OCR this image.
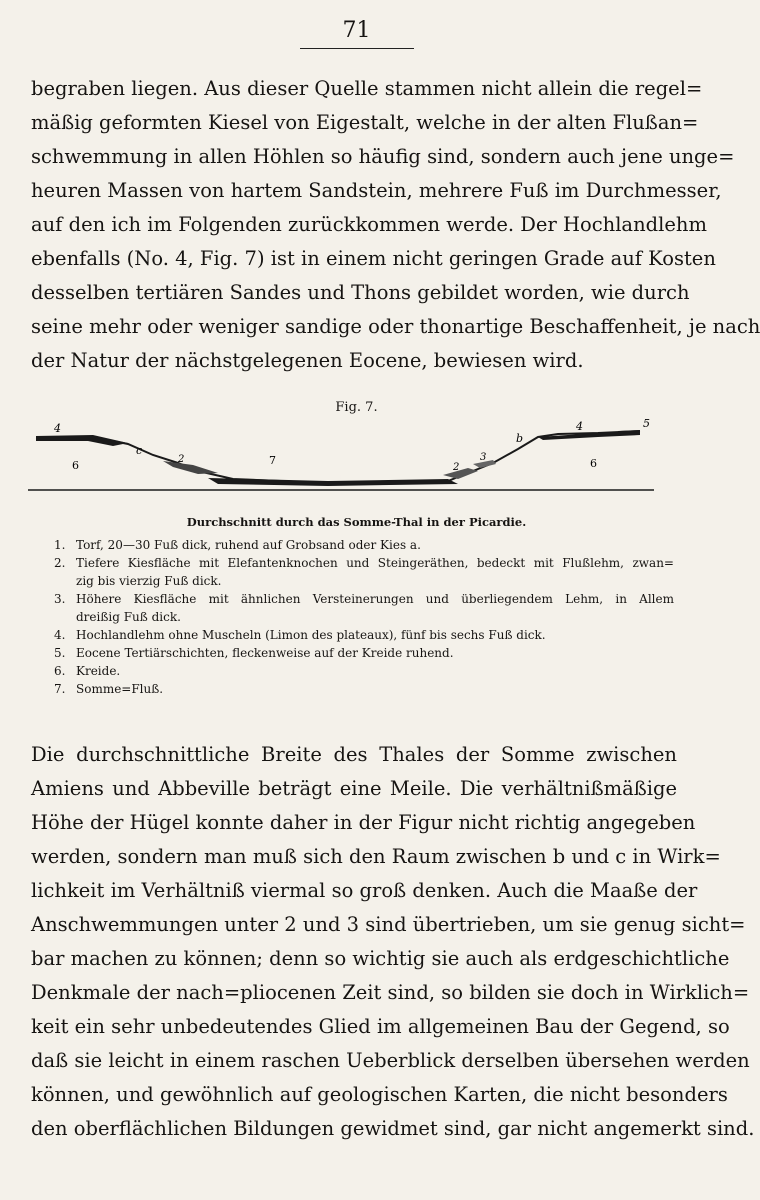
71
begraben liegen. Aus dieser Quelle stammen nicht allein die regel=
mäßig geformten Kiesel von Eigestalt, welche in der alten Flußan=
schwemmung in allen Höhlen so häufig sind, sondern auch jene unge=
heuren Massen von hartem Sandstein, mehrere Fuß im Durchmesser,
auf den ich im Folgenden zurückkommen werde. Der Hochlandlehm
ebenfalls (No. 4, Fig. 7) ist in einem nicht geringen Grade auf Kosten
desselben tertiären Sandes und Thons gebildet worden, wie durch
seine mehr oder weniger sandige oder thonartige Beschaffenheit, je nach
der Natur der nächstgelegenen Eocene, bewiesen wird.
Fig. 7.
4
6
c
2	7
1
2
3
b
4	5
6
Durchschnitt durch das Somme-Thal in der Picardie.
1. Torf, 20—30 Fuß dick, ruhend auf Grobsand oder Kies a.
2. Tiefere Kiesfläche mit Elefantenknochen und Steingeräthen, bedeckt mit Flußlehm, zwan=
zig bis vierzig Fuß dick.
3. Höhere Kiesfläche mit ähnlichen Versteinerungen und überliegendem Lehm, in Allem
dreißig Fuß dick.
4. Hochlandlehm ohne Muscheln (Limon des plateaux), fünf bis sechs Fuß dick.
5. Eocene Tertiärschichten, fleckenweise auf der Kreide ruhend.
6. Kreide.
7. Somme=Fluß.
Die durchschnittliche Breite des Thales der Somme zwischen
Amiens und Abbeville beträgt eine Meile. Die verhältnißmäßige
Höhe der Hügel konnte daher in der Figur nicht richtig angegeben
werden, sondern man muß sich den Raum zwischen b und c in Wirk=
lichkeit im Verhältniß viermal so groß denken. Auch die Maaße der
Anschwemmungen unter 2 und 3 sind übertrieben, um sie genug sicht=
bar machen zu können; denn so wichtig sie auch als erdgeschichtliche
Denkmale der nach=pliocenen Zeit sind, so bilden sie doch in Wirklich=
keit ein sehr unbedeutendes Glied im allgemeinen Bau der Gegend, so
daß sie leicht in einem raschen Ueberblick derselben übersehen werden
können, und gewöhnlich auf geologischen Karten, die nicht besonders
den oberflächlichen Bildungen gewidmet sind, gar nicht angemerkt sind.
